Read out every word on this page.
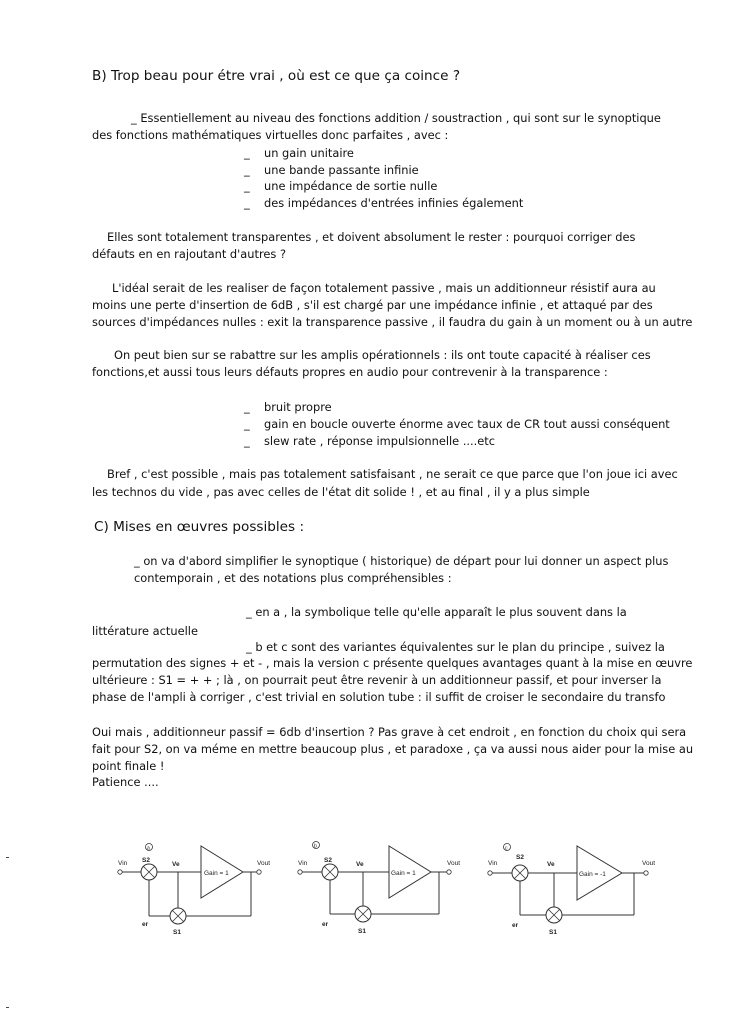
B) Trop beau pour étre vrai , où est ce que ça coince ?
_ Essentiellement au niveau des fonctions addition / soustraction , qui sont sur le synoptique
des fonctions mathématiques virtuelles donc parfaites , avec :
_ un gain unitaire
_ une bande passante infinie
_ une impédance de sortie nulle
_ des impédances d'entrées infinies également
Elles sont totalement transparentes , et doivent absolument le rester : pourquoi corriger des
défauts en en rajoutant d'autres ?
L'idéal serait de les realiser de façon totalement passive , mais un additionneur résistif aura au
moins une perte d'insertion de 6dB , s'il est chargé par une impédance infinie , et attaqué par des
sources d'impédances nulles : exit la transparence passive , il faudra du gain à un moment ou à un autre
On peut bien sur se rabattre sur les amplis opérationnels : ils ont toute capacité à réaliser ces
fonctions,et aussi tous leurs défauts propres en audio pour contrevenir à la transparence :
_ bruit propre
_ gain en boucle ouverte énorme avec taux de CR tout aussi conséquent
_ slew rate , réponse impulsionnelle ....etc
Bref , c'est possible , mais pas totalement satisfaisant , ne serait ce que parce que l'on joue ici avec
les technos du vide , pas avec celles de l'état dit solide ! , et au final , il y a plus simple
C) Mises en œuvres possibles :
_ on va d'abord simplifier le synoptique ( historique) de départ pour lui donner un aspect plus
contemporain , et des notations plus compréhensibles :
_ en a , la symbolique telle qu'elle apparaît le plus souvent dans la
littérature actuelle
_ b et c sont des variantes équivalentes sur le plan du principe , suivez la
permutation des signes + et - , mais la version c présente quelques avantages quant à la mise en œuvre
ultérieure : S1 = + + ; là , on pourrait peut être revenir à un additionneur passif, et pour inverser la
phase de l'ampli à corriger , c'est trivial en solution tube : il suffit de croiser le secondaire du transfo
Oui mais , additionneur passif = 6db d'insertion ? Pas grave à cet endroit , en fonction du choix qui sera
fait pour S2, on va méme en mettre beaucoup plus , et paradoxe , ça va aussi nous aider pour la mise au
point finale !
Patience ....
a
Vin S2
Ve
Gain = 1
Vout
er
S1
b
Vin	S2
Ve
Gain = 1
Vout
er
S1
c
Vin
S2
Ve
Gain = -1
Vout
er
S1
